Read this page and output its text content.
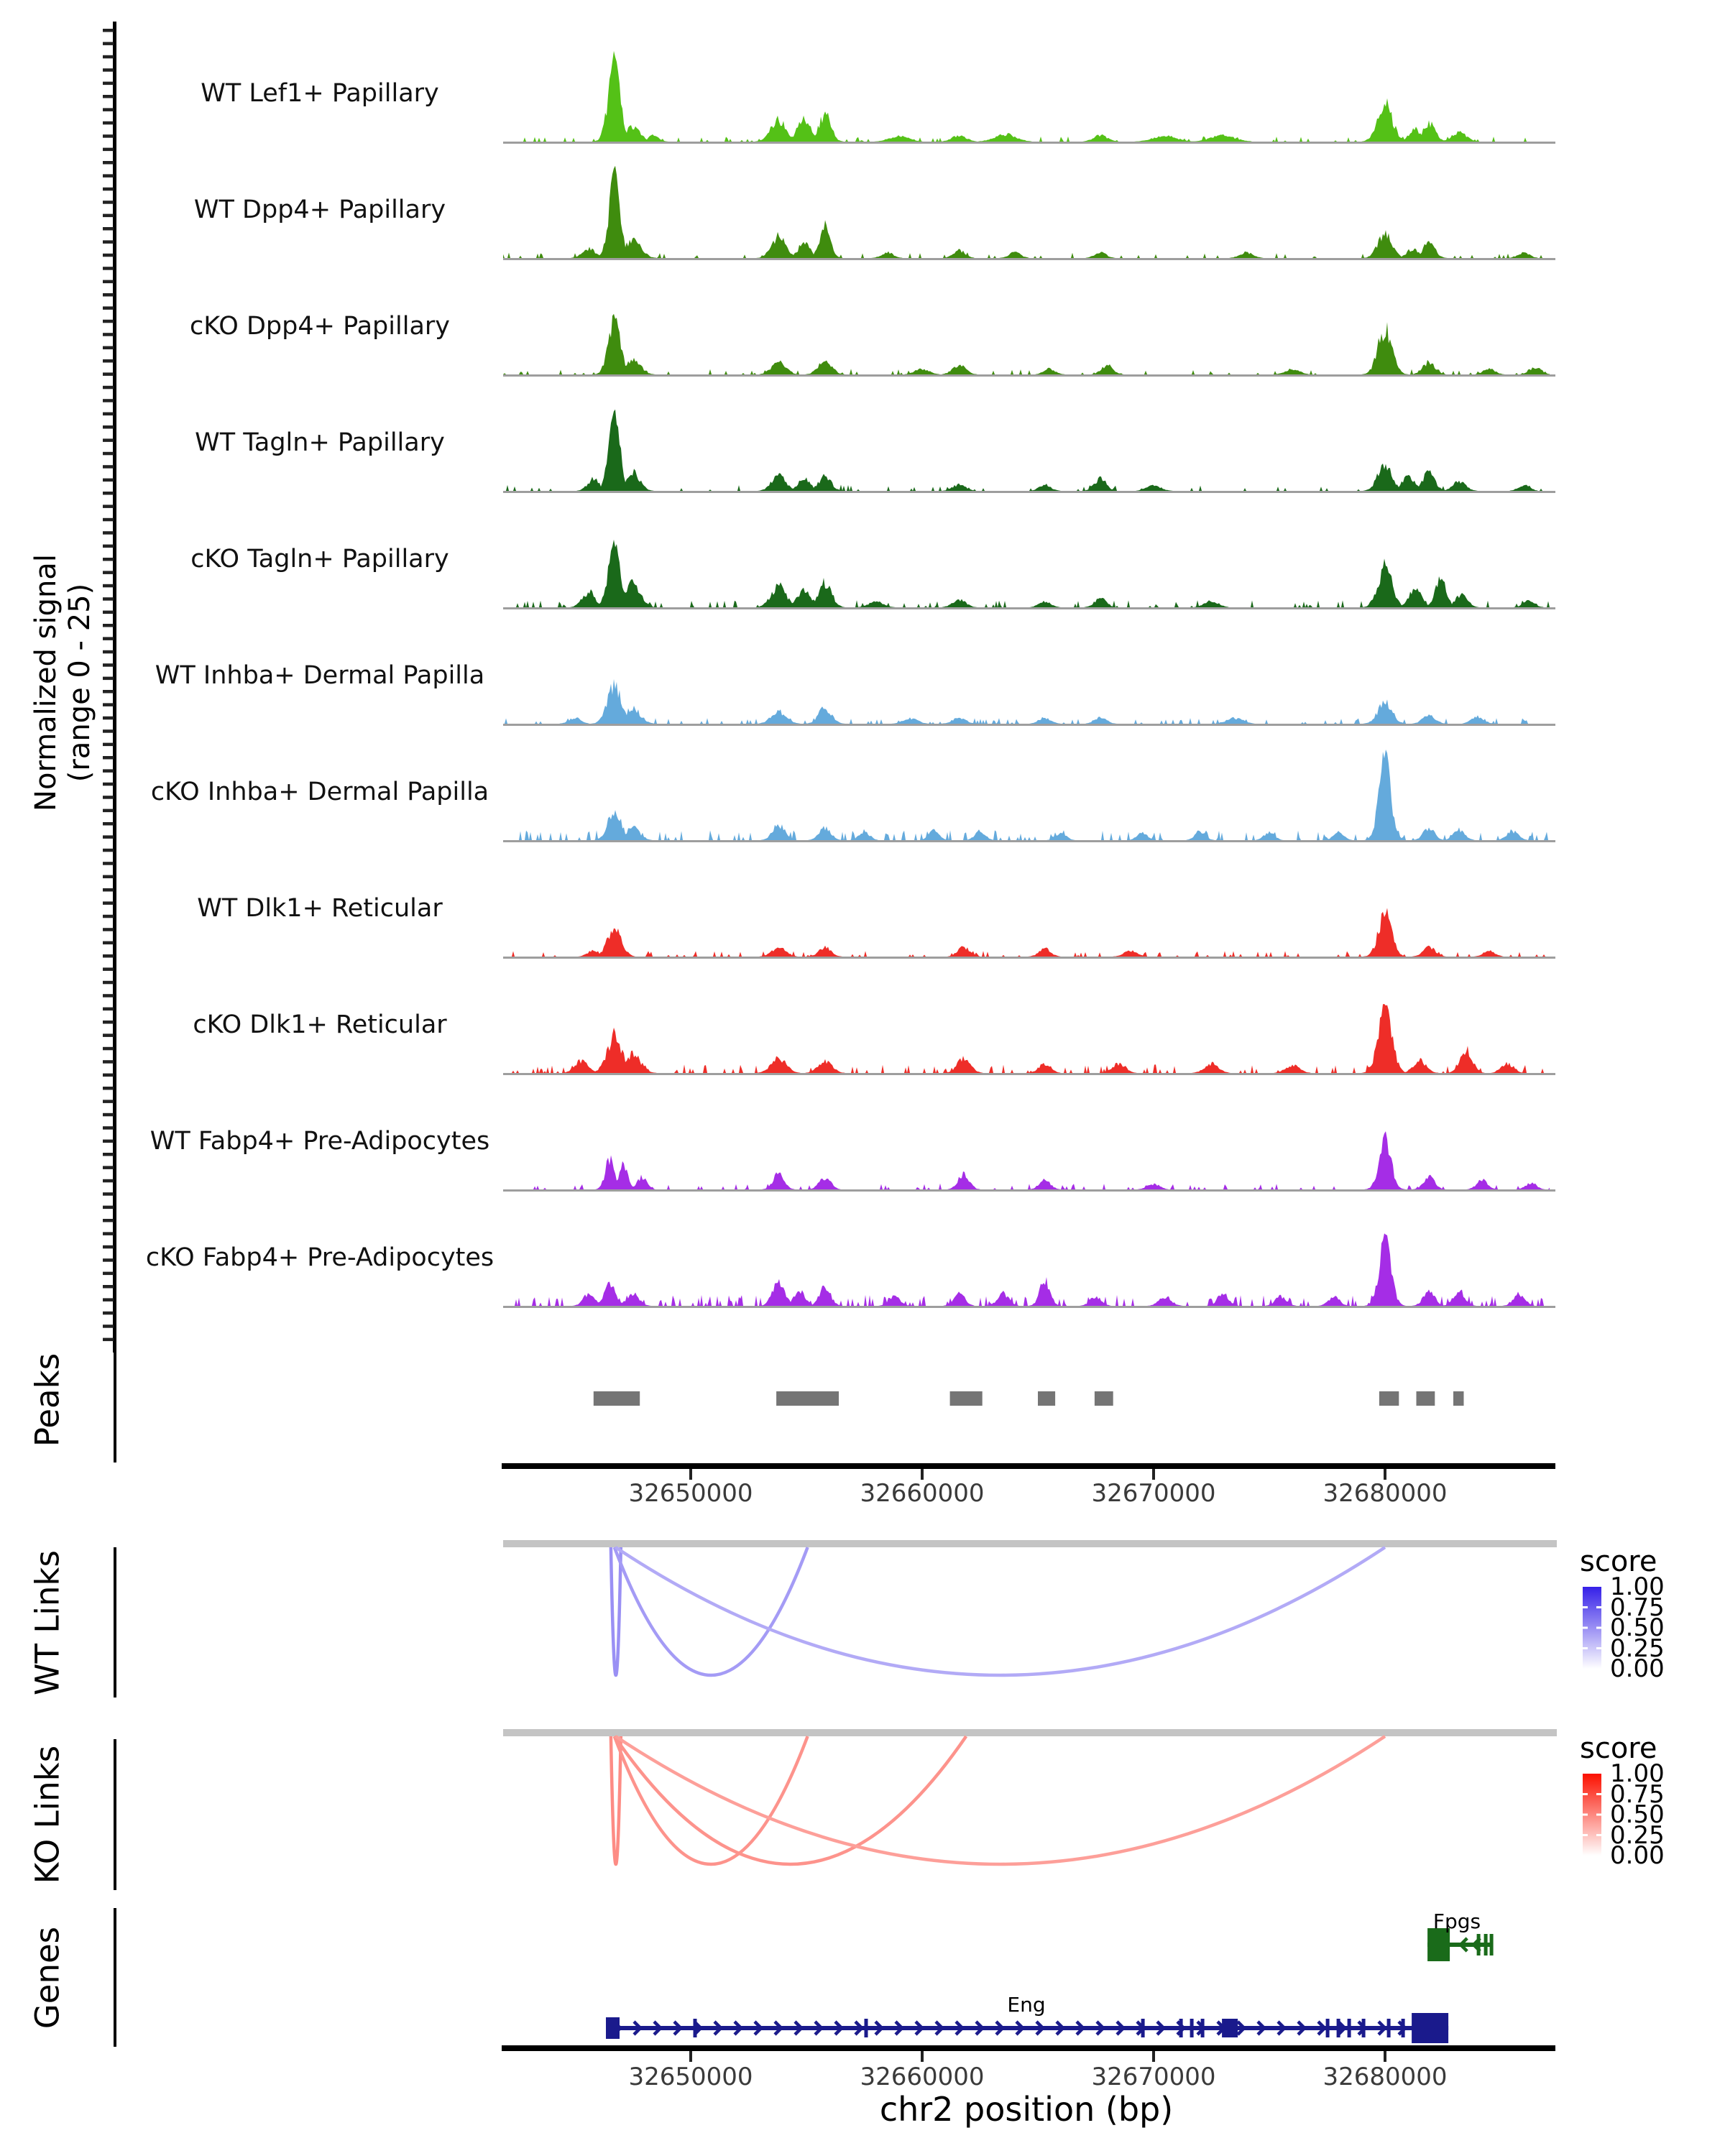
Normalized signal (range 0 - 25)
Peaks
WT Links
KO Links
Genes
score
score
chr2 position (bp)
WT Lef1+ Papillary
WT Dpp4+ Papillary
cKO Dpp4+ Papillary
WT Tagln+ Papillary
cKO Tagln+ Papillary
WT Inhba+ Dermal Papilla
cKO Inhba+ Dermal Papilla
WT Dlk1+ Reticular
cKO Dlk1+ Reticular
WT Fabp4+ Pre-Adipocytes
cKO Fabp4+ Pre-Adipocytes
32650000	32660000	32670000	32680000
32650000	32660000	32670000	32680000
1.00
0.75
0.50
0.25
0.00
1.00
0.75
0.50
0.25
0.00
Fpgs
Eng
